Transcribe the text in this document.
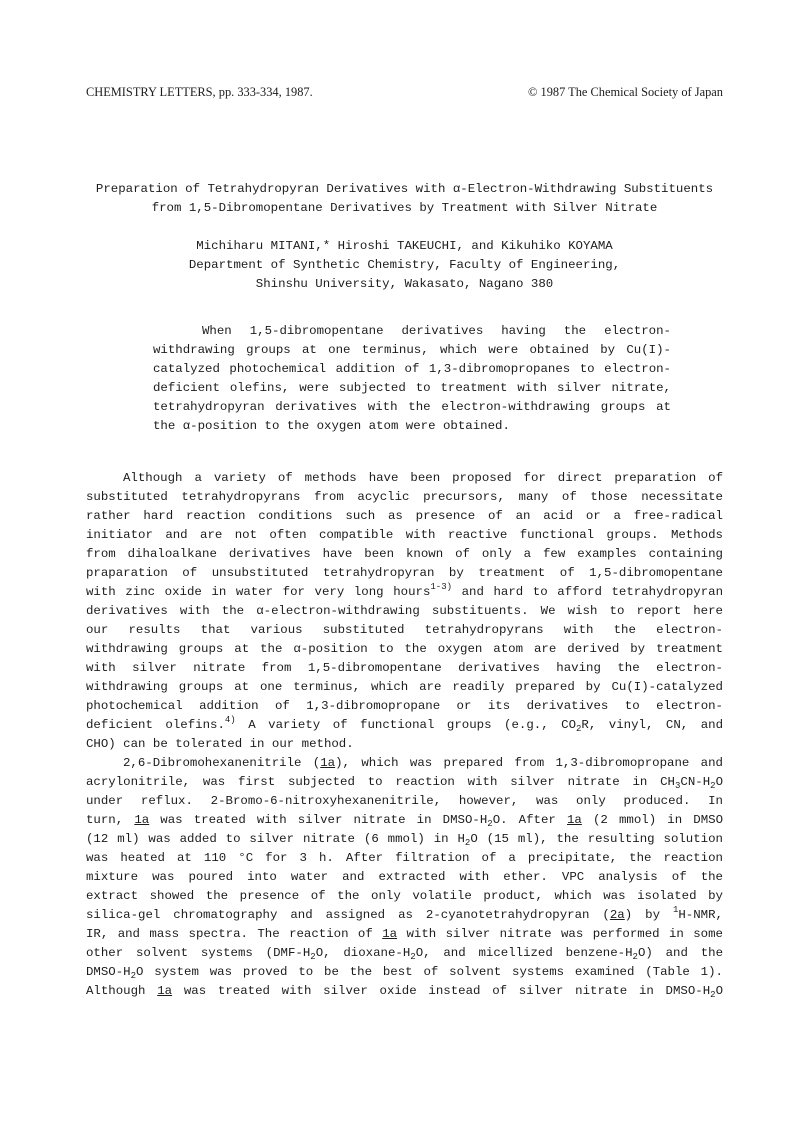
CHEMISTRY LETTERS, pp. 333-334, 1987.	© 1987 The Chemical Society of Japan
Preparation of Tetrahydropyran Derivatives with α-Electron-Withdrawing Substituents
from 1,5-Dibromopentane Derivatives by Treatment with Silver Nitrate
Michiharu MITANI,* Hiroshi TAKEUCHI, and Kikuhiko KOYAMA
Department of Synthetic Chemistry, Faculty of Engineering,
Shinshu University, Wakasato, Nagano 380
When 1,5-dibromopentane derivatives having the electron-
withdrawing groups at one terminus, which were obtained by Cu(I)-
catalyzed photochemical addition of 1,3-dibromopropanes to electron-
deficient olefins, were subjected to treatment with silver nitrate,
tetrahydropyran derivatives with the electron-withdrawing groups at
the α-position to the oxygen atom were obtained.
Although a variety of methods have been proposed for direct preparation of
substituted tetrahydropyrans from acyclic precursors, many of those necessitate
rather hard reaction conditions such as presence of an acid or a free-radical
initiator and are not often compatible with reactive functional groups. Methods
from dihaloalkane derivatives have been known of only a few examples containing
praparation of unsubstituted tetrahydropyran by treatment of 1,5-dibromopentane
with zinc oxide in water for very long hours$^{1-3)}$ and hard to afford tetrahydropyran
derivatives with the α-electron-withdrawing substituents. We wish to report here
our results that various substituted tetrahydropyrans with the electron-
withdrawing groups at the α-position to the oxygen atom are derived by treatment
with silver nitrate from 1,5-dibromopentane derivatives having the electron-
withdrawing groups at one terminus, which are readily prepared by Cu(I)-catalyzed
photochemical addition of 1,3-dibromopropane or its derivatives to electron-
deficient olefins.$^{4)}$ A variety of functional groups (e.g., $CO_2R$, vinyl, CN, and
CHO) can be tolerated in our method.
2,6-Dibromohexanenitrile (1a), which was prepared from 1,3-dibromopropane and
acrylonitrile, was first subjected to reaction with silver nitrate in $CH_3CN-H_2O$
under reflux. 2-Bromo-6-nitroxyhexanenitrile, however, was only produced. In
turn, 1a was treated with silver nitrate in DMSO-$H_2O$. After 1a (2 mmol) in DMSO
(12 ml) was added to silver nitrate (6 mmol) in $H_2O$ (15 ml), the resulting solution
was heated at 110 °C for 3 h. After filtration of a precipitate, the reaction
mixture was poured into water and extracted with ether. VPC analysis of the
extract showed the presence of the only volatile product, which was isolated by
silica-gel chromatography and assigned as 2-cyanotetrahydropyran (2a) by $^1$H-NMR,
IR, and mass spectra. The reaction of 1a with silver nitrate was performed in some
other solvent systems ($DMF-H_2O$, dioxane-$H_2O$, and micellized benzene-$H_2O$) and the
DMSO-$H_2O$ system was proved to be the best of solvent systems examined (Table 1).
Although 1a was treated with silver oxide instead of silver nitrate in DMSO-$H_2O$
